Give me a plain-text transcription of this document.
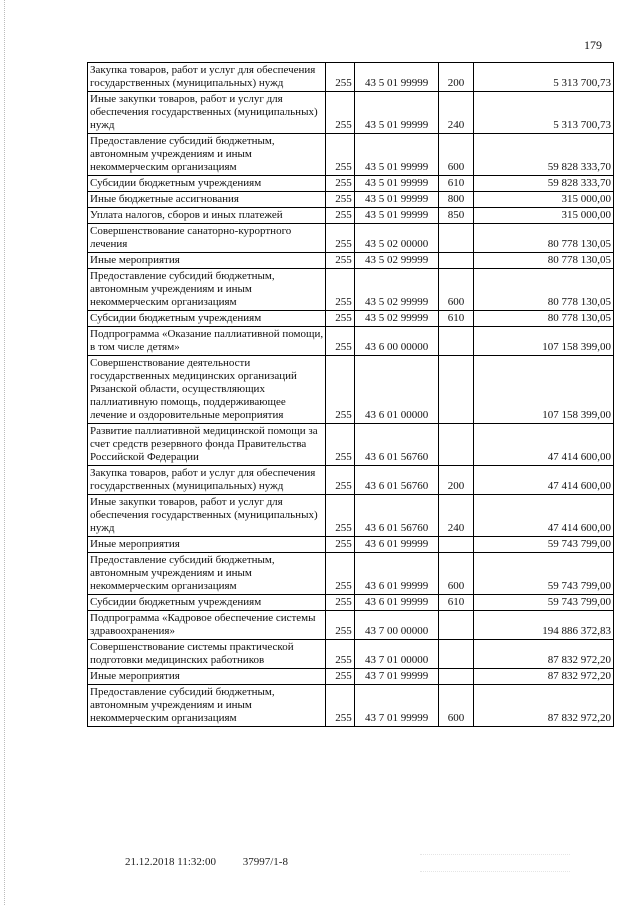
179
Закупка товаров, работ и услуг для обеспечения государственных (муниципальных) нужд	255	43 5 01 99999	200	5 313 700,73
Иные закупки товаров, работ и услуг для обеспечения государственных (муниципальных) нужд	255	43 5 01 99999	240	5 313 700,73
Предоставление субсидий бюджетным, автономным учреждениям и иным некоммерческим организациям	255	43 5 01 99999	600	59 828 333,70
Субсидии бюджетным учреждениям	255	43 5 01 99999	610	59 828 333,70
Иные бюджетные ассигнования	255	43 5 01 99999	800	315 000,00
Уплата налогов, сборов и иных платежей	255	43 5 01 99999	850	315 000,00
Совершенствование санаторно-курортного лечения	255	43 5 02 00000		80 778 130,05
Иные мероприятия	255	43 5 02 99999		80 778 130,05
Предоставление субсидий бюджетным, автономным учреждениям и иным некоммерческим организациям	255	43 5 02 99999	600	80 778 130,05
Субсидии бюджетным учреждениям	255	43 5 02 99999	610	80 778 130,05
Подпрограмма «Оказание паллиативной помощи, в том числе детям»	255	43 6 00 00000		107 158 399,00
Совершенствование деятельности государственных медицинских организаций Рязанской области, осуществляющих паллиативную помощь, поддерживающее лечение и оздоровительные мероприятия	255	43 6 01 00000		107 158 399,00
Развитие паллиативной медицинской помощи за счет средств резервного фонда Правительства Российской Федерации	255	43 6 01 56760		47 414 600,00
Закупка товаров, работ и услуг для обеспечения государственных (муниципальных) нужд	255	43 6 01 56760	200	47 414 600,00
Иные закупки товаров, работ и услуг для обеспечения государственных (муниципальных) нужд	255	43 6 01 56760	240	47 414 600,00
Иные мероприятия	255	43 6 01 99999		59 743 799,00
Предоставление субсидий бюджетным, автономным учреждениям и иным некоммерческим организациям	255	43 6 01 99999	600	59 743 799,00
Субсидии бюджетным учреждениям	255	43 6 01 99999	610	59 743 799,00
Подпрограмма «Кадровое обеспечение системы здравоохранения»	255	43 7 00 00000		194 886 372,83
Совершенствование системы практической подготовки медицинских работников	255	43 7 01 00000		87 832 972,20
Иные мероприятия	255	43 7 01 99999		87 832 972,20
Предоставление субсидий бюджетным, автономным учреждениям и иным некоммерческим организациям	255	43 7 01 99999	600	87 832 972,20
21.12.2018 11:32:00 37997/1-8
